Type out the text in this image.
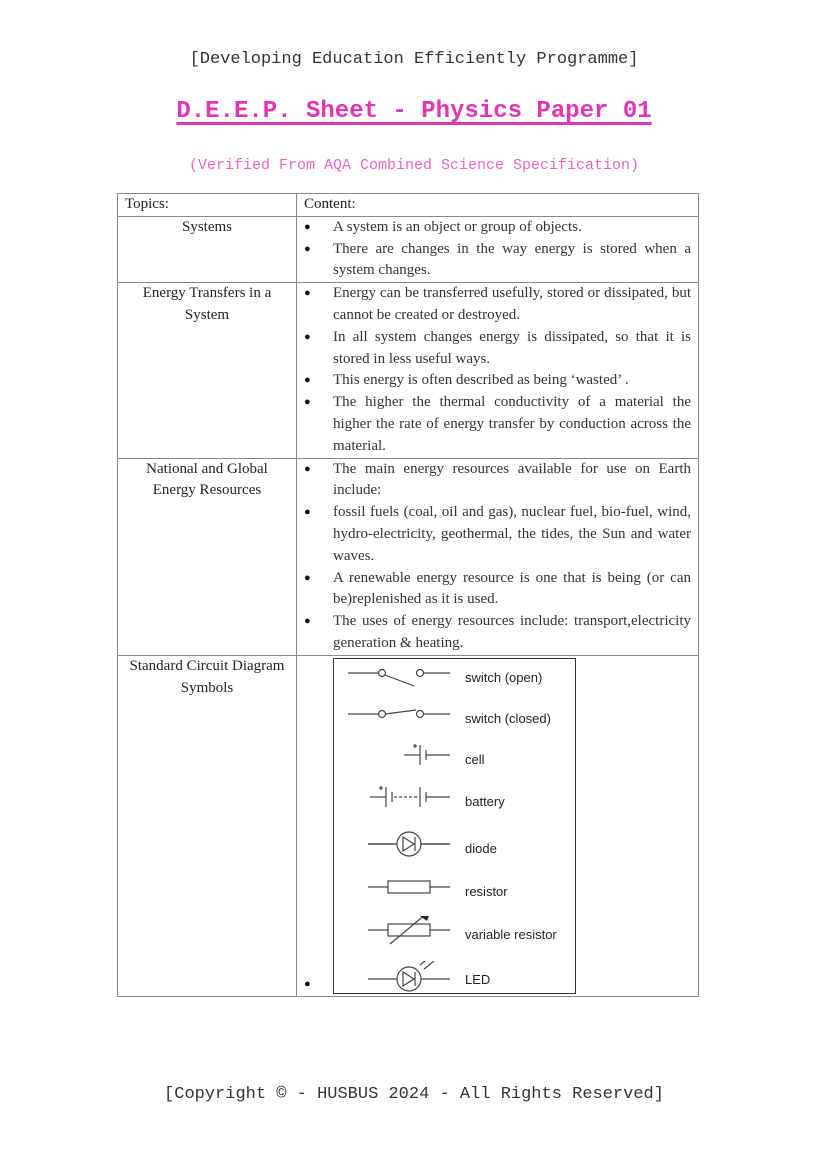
[Developing Education Efficiently Programme]
D.E.E.P. Sheet - Physics Paper 01
(Verified From AQA Combined Science Specification)
Topics:	Content:
Systems	
●A system is an object or group of objects.
● There are changes in the way energy is stored when a system changes.

Energy Transfers in a System	
● Energy can be transferred usefully, stored or dissipated, but cannot be created or destroyed.
● In all system changes energy is dissipated, so that it is stored in less useful ways.
● This energy is often described as being ‘wasted’ .
● The higher the thermal conductivity of a material the higher the rate of energy transfer by conduction across the material.

National and Global Energy Resources	
● The main energy resources available for use on Earth include:
● fossil fuels (coal, oil and gas), nuclear fuel, bio-fuel, wind, hydro-electricity, geothermal, the tides, the Sun and water waves.
● A renewable energy resource is one that is being (or can be)replenished as it is used.
● The uses of energy resources include: transport,electricity generation & heating.

Standard Circuit Diagram Symbols	
switch (open)
switch (closed)
cell
battery
diode
resistor
variable resistor
LED
●
[Copyright © - HUSBUS 2024 - All Rights Reserved]
